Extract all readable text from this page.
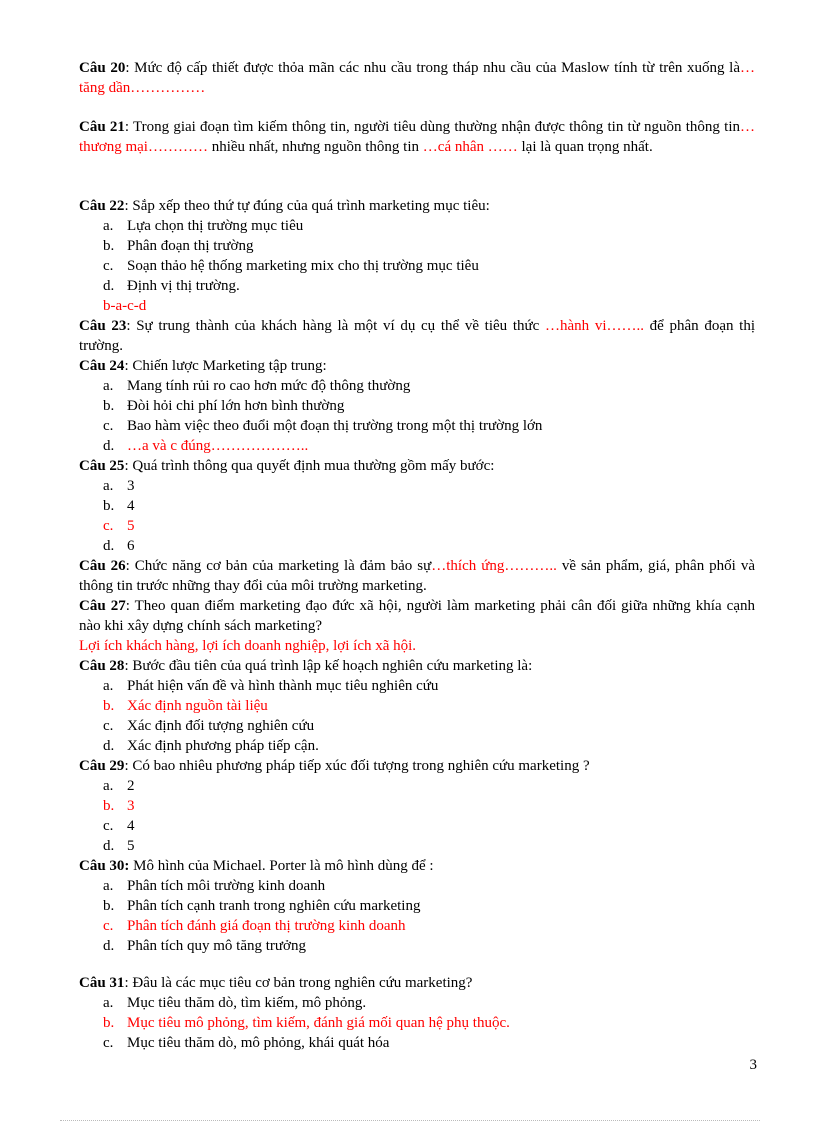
Câu 20: Mức độ cấp thiết được thỏa mãn các nhu cầu trong tháp nhu cầu của Maslow tính từ trên xuống là…tăng dần……………

Câu 21: Trong giai đoạn tìm kiếm thông tin, người tiêu dùng thường nhận được thông tin từ nguồn thông tin…thương mại………… nhiều nhất, nhưng nguồn thông tin …cá nhân …… lại là quan trọng nhất.

Câu 22: Sắp xếp theo thứ tự đúng của quá trình marketing mục tiêu:

a. Lựa chọn thị trường mục tiêu
b. Phân đoạn thị trường
c. Soạn thảo hệ thống marketing mix cho thị trường mục tiêu
d. Định vị thị trường.
b-a-c-d

Câu 23: Sự trung thành của khách hàng là một ví dụ cụ thể về tiêu thức …hành vi…….. để phân đoạn thị trường.

Câu 24: Chiến lược Marketing tập trung:

a. Mang tính rủi ro cao hơn mức độ thông thường
b. Đòi hỏi chi phí lớn hơn bình thường
c. Bao hàm việc theo đuổi một đoạn thị trường trong một thị trường lớn
d. …a và c đúng………………..

Câu 25: Quá trình thông qua quyết định mua thường gồm mấy bước:

a. 3
b. 4
c. 5
d. 6

Câu 26: Chức năng cơ bản của marketing là đảm bảo sự…thích ứng……….. về sản phẩm, giá, phân phối và thông tin trước những thay đổi của môi trường marketing.

Câu 27: Theo quan điểm marketing đạo đức xã hội, người làm marketing phải cân đối giữa những khía cạnh nào khi xây dựng chính sách marketing?

Lợi ích khách hàng, lợi ích doanh nghiệp, lợi ích xã hội.

Câu 28: Bước đầu tiên của quá trình lập kế hoạch nghiên cứu marketing là:

a. Phát hiện vấn đề và hình thành mục tiêu nghiên cứu
b. Xác định nguồn tài liệu
c. Xác định đối tượng nghiên cứu
d. Xác định phương pháp tiếp cận.

Câu 29: Có bao nhiêu phương pháp tiếp xúc đối tượng trong nghiên cứu marketing ?

a. 2
b. 3
c. 4
d. 5

Câu 30: Mô hình của Michael. Porter là mô hình dùng để :

a. Phân tích môi trường kinh doanh
b. Phân tích cạnh tranh trong nghiên cứu marketing
c. Phân tích đánh giá đoạn thị trường kinh doanh
d. Phân tích quy mô tăng trưởng

Câu 31: Đâu là các mục tiêu cơ bản trong nghiên cứu marketing?

a. Mục tiêu thăm dò, tìm kiếm, mô phỏng.
b. Mục tiêu mô phỏng, tìm kiếm, đánh giá mối quan hệ phụ thuộc.
c. Mục tiêu thăm dò, mô phỏng, khái quát hóa
3
